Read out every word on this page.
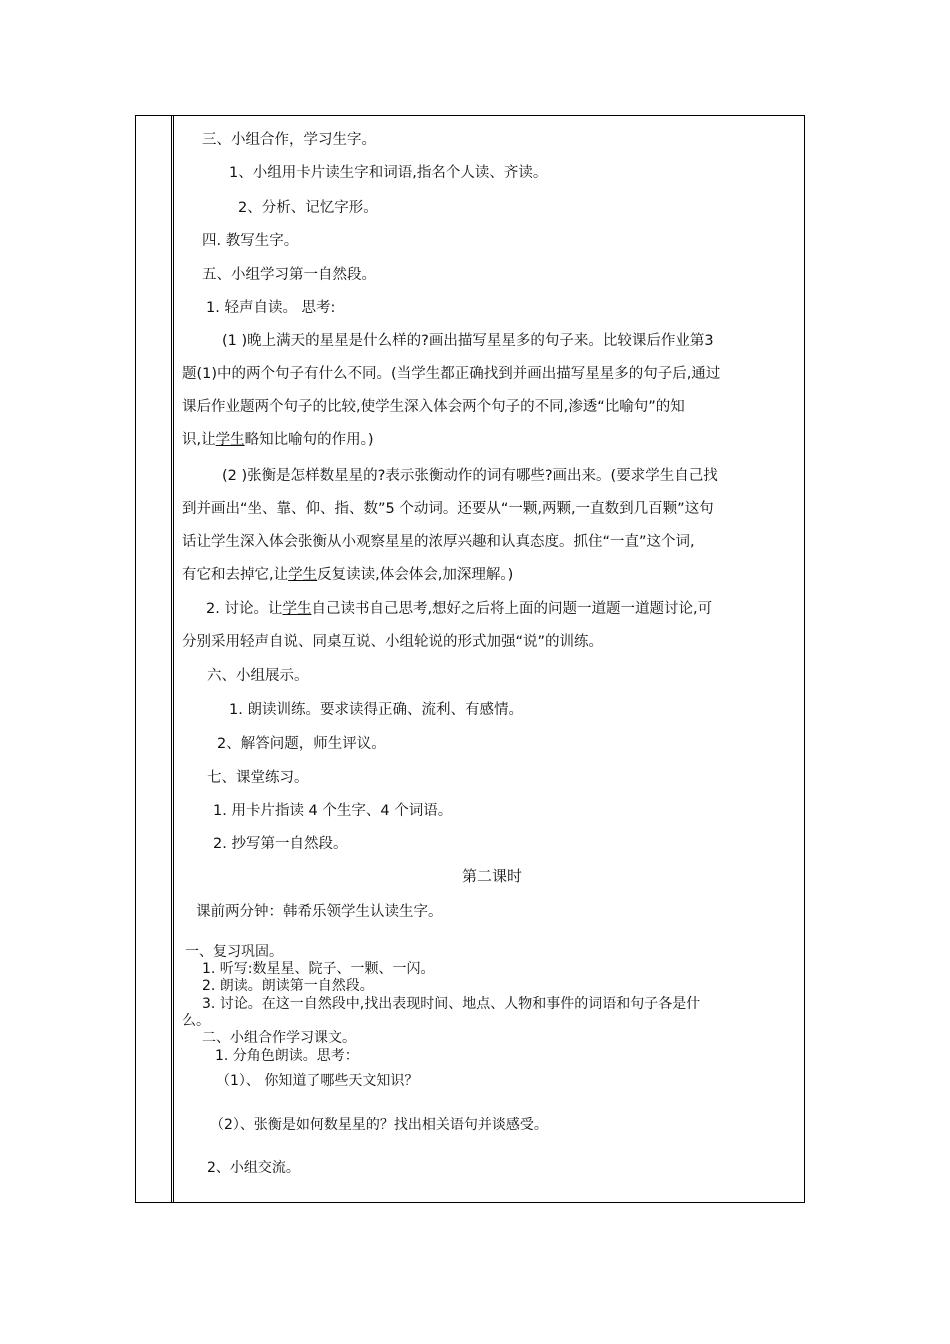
三、小组合作，学习生字。
1、小组用卡片读生字和词语,指名个人读、齐读。
2、分析、记忆字形。
四. 教写生字。
五、小组学习第一自然段。
1. 轻声自读。 思考:
(1 )晚上满天的星星是什么样的?画出描写星星多的句子来。比较课后作业第3
题(1)中的两个句子有什么不同。(当学生都正确找到并画出描写星星多的句子后,通过
课后作业题两个句子的比较,使学生深入体会两个句子的不同,渗透“比喻句”的知
识,让学生略知比喻句的作用。)
(2 )张衡是怎样数星星的?表示张衡动作的词有哪些?画出来。(要求学生自己找
到并画出“坐、靠、仰、指、数”5 个动词。还要从“一颗,两颗,一直数到几百颗”这句
话让学生深入体会张衡从小观察星星的浓厚兴趣和认真态度。抓住“一直”这个词,
有它和去掉它,让学生反复读读,体会体会,加深理解。)
2. 讨论。让学生自己读书自己思考,想好之后将上面的问题一道题一道题讨论,可
分别采用轻声自说、同桌互说、小组轮说的形式加强“说”的训练。
六、小组展示。
1. 朗读训练。要求读得正确、流利、有感情。
2、解答问题，师生评议。
七、课堂练习。
1. 用卡片指读 4 个生字、4 个词语。
2. 抄写第一自然段。
第二课时
课前两分钟：韩希乐领学生认读生字。
一、复习巩固。
1. 听写:数星星、院子、一颗、一闪。
2. 朗读。朗读第一自然段。
3. 讨论。在这一自然段中,找出表现时间、地点、人物和事件的词语和句子各是什
么。
二、小组合作学习课文。
1. 分角色朗读。思考：
（1）、 你知道了哪些天文知识？
（2）、张衡是如何数星星的？找出相关语句并谈感受。
2、小组交流。
